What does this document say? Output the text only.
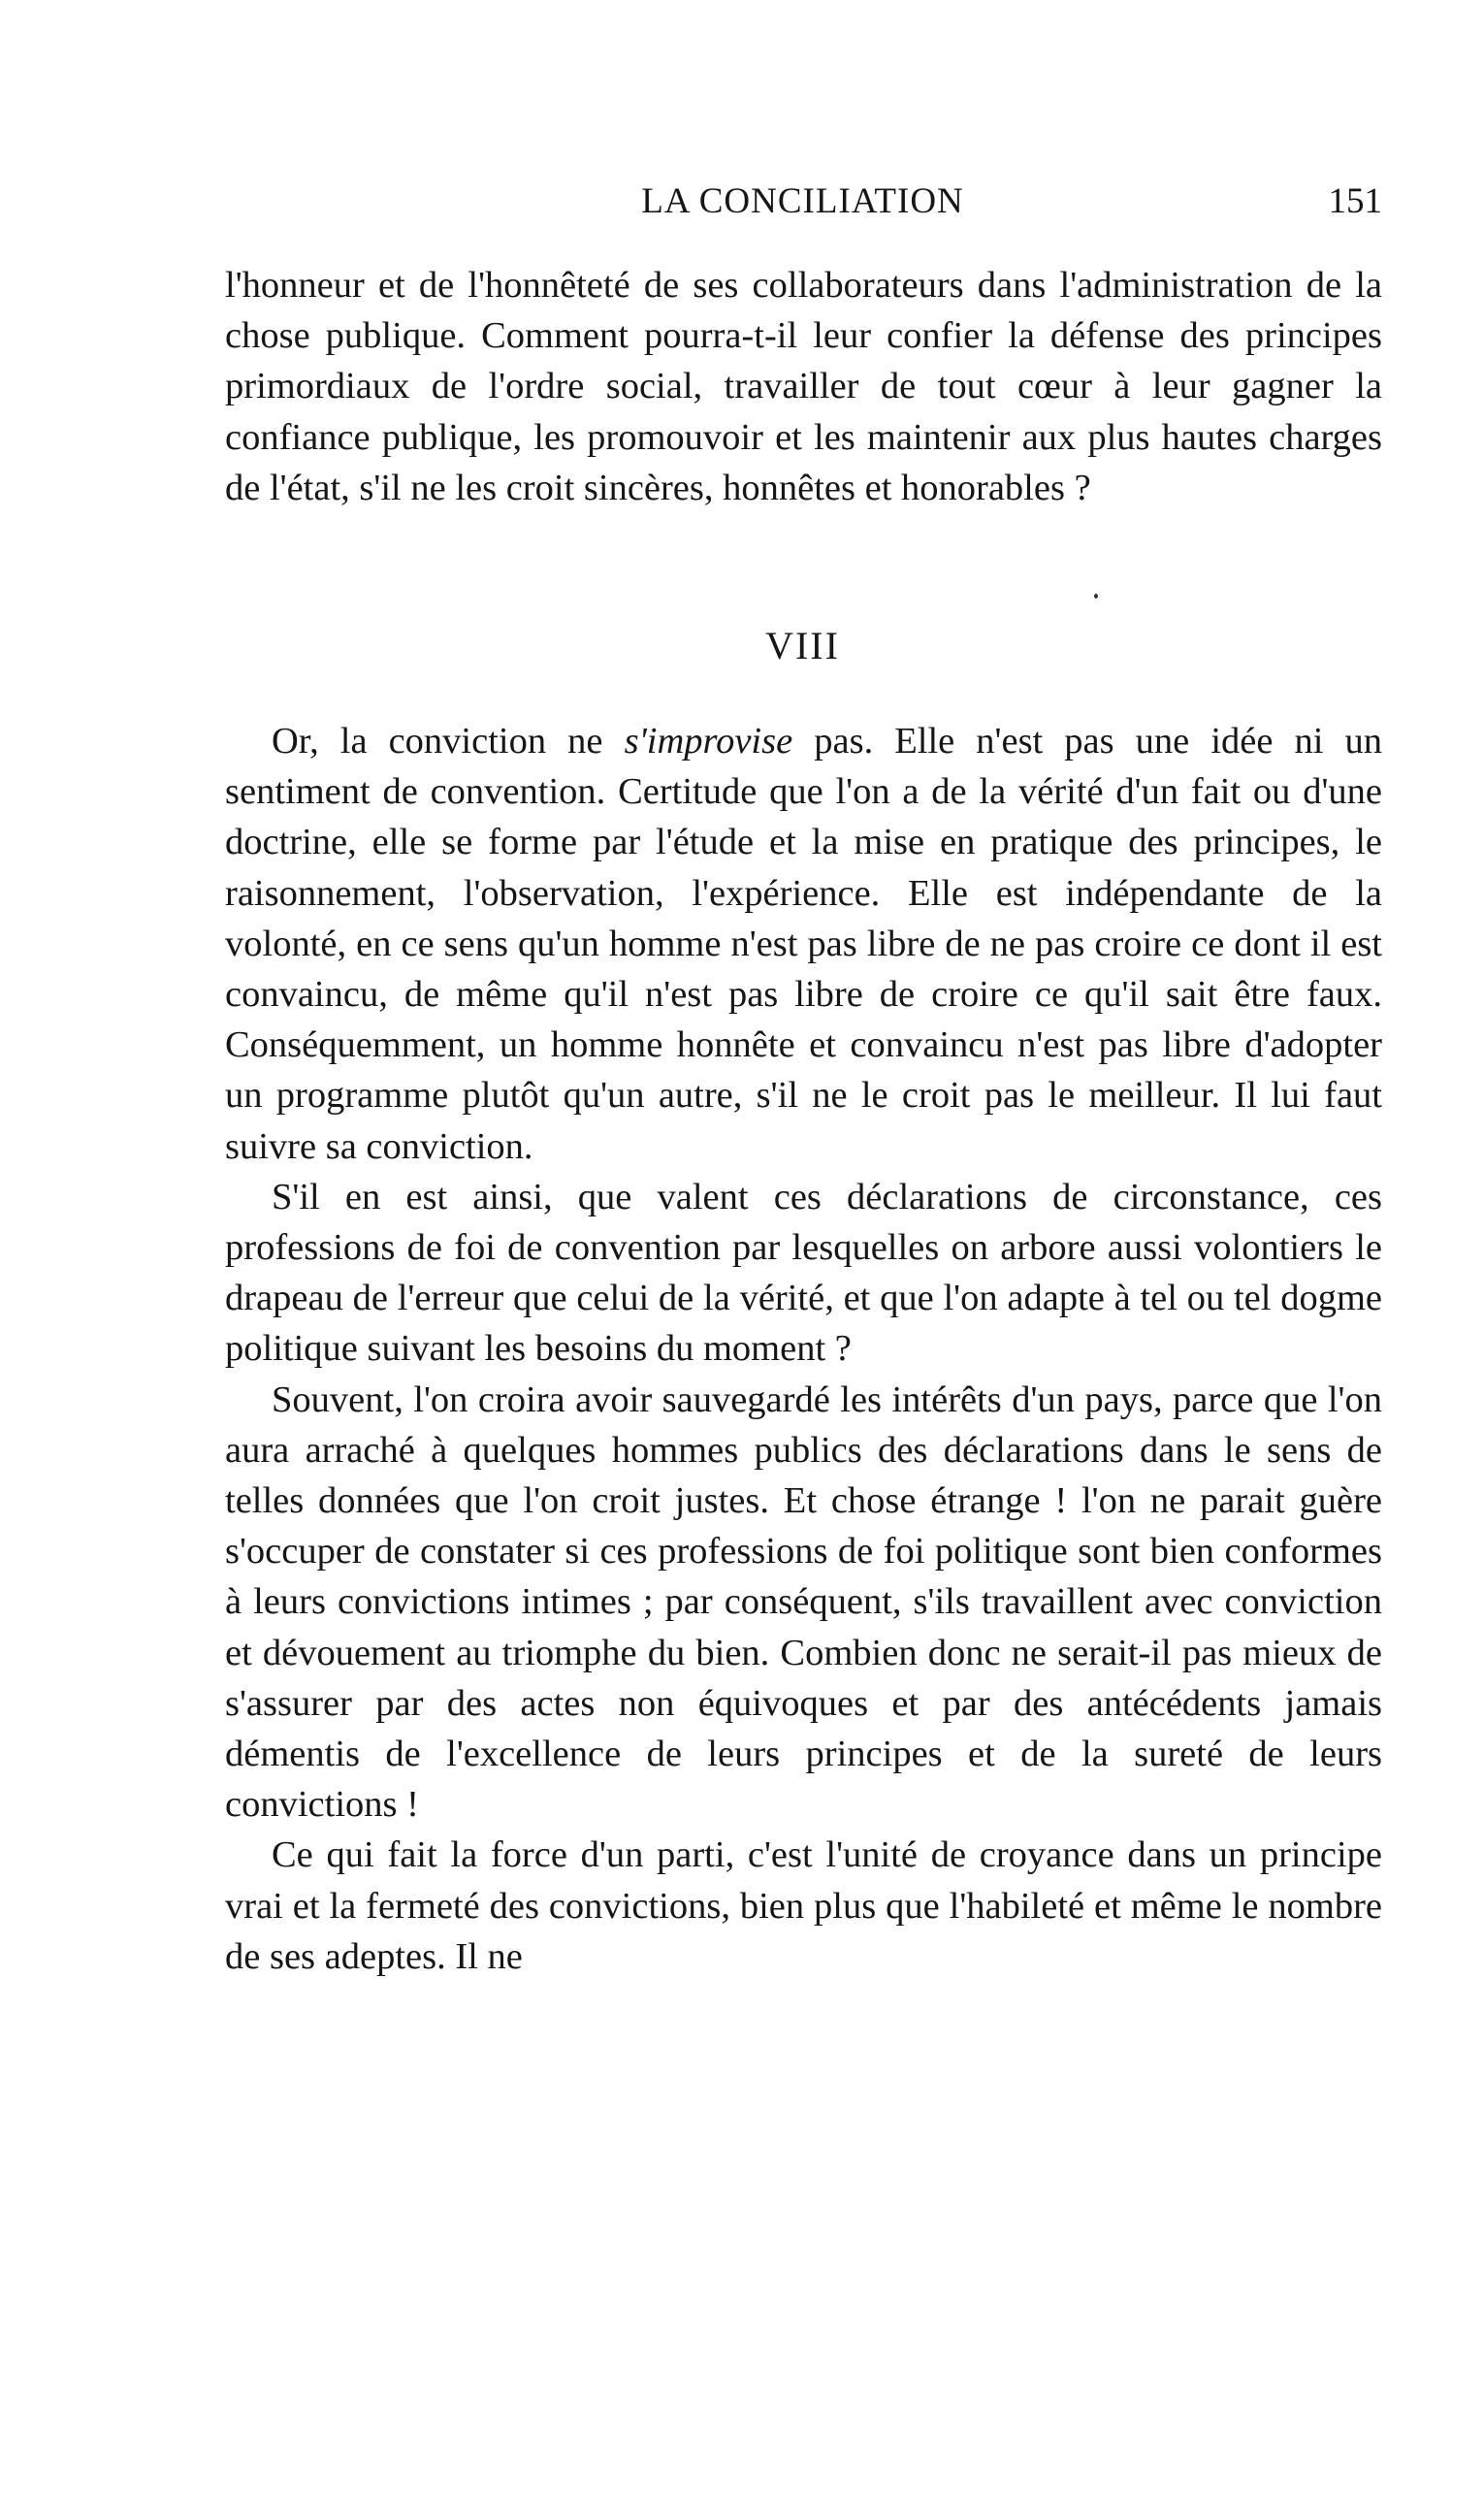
LA CONCILIATION	151

l'honneur et de l'honnêteté de ses collaborateurs dans l'administration de la chose publique. Comment pourra-t-il leur confier la défense des principes primordiaux de l'ordre social, travailler de tout cœur à leur gagner la confiance publique, les promouvoir et les maintenir aux plus hautes charges de l'état, s'il ne les croit sincères, honnêtes et honorables ?

VIII

Or, la conviction ne s'improvise pas. Elle n'est pas une idée ni un sentiment de convention. Certitude que l'on a de la vérité d'un fait ou d'une doctrine, elle se forme par l'étude et la mise en pratique des principes, le raisonnement, l'observation, l'expérience. Elle est indépendante de la volonté, en ce sens qu'un homme n'est pas libre de ne pas croire ce dont il est convaincu, de même qu'il n'est pas libre de croire ce qu'il sait être faux. Conséquemment, un homme honnête et convaincu n'est pas libre d'adopter un programme plutôt qu'un autre, s'il ne le croit pas le meilleur. Il lui faut suivre sa conviction.

S'il en est ainsi, que valent ces déclarations de circonstance, ces professions de foi de convention par lesquelles on arbore aussi volontiers le drapeau de l'erreur que celui de la vérité, et que l'on adapte à tel ou tel dogme politique suivant les besoins du moment ?

Souvent, l'on croira avoir sauvegardé les intérêts d'un pays, parce que l'on aura arraché à quelques hommes publics des déclarations dans le sens de telles données que l'on croit justes. Et chose étrange ! l'on ne parait guère s'occuper de constater si ces professions de foi politique sont bien conformes à leurs convictions intimes ; par conséquent, s'ils travaillent avec conviction et dévouement au triomphe du bien. Combien donc ne serait-il pas mieux de s'assurer par des actes non équivoques et par des antécédents jamais démentis de l'excellence de leurs principes et de la sureté de leurs convictions !

Ce qui fait la force d'un parti, c'est l'unité de croyance dans un principe vrai et la fermeté des convictions, bien plus que l'habileté et même le nombre de ses adeptes. Il ne
